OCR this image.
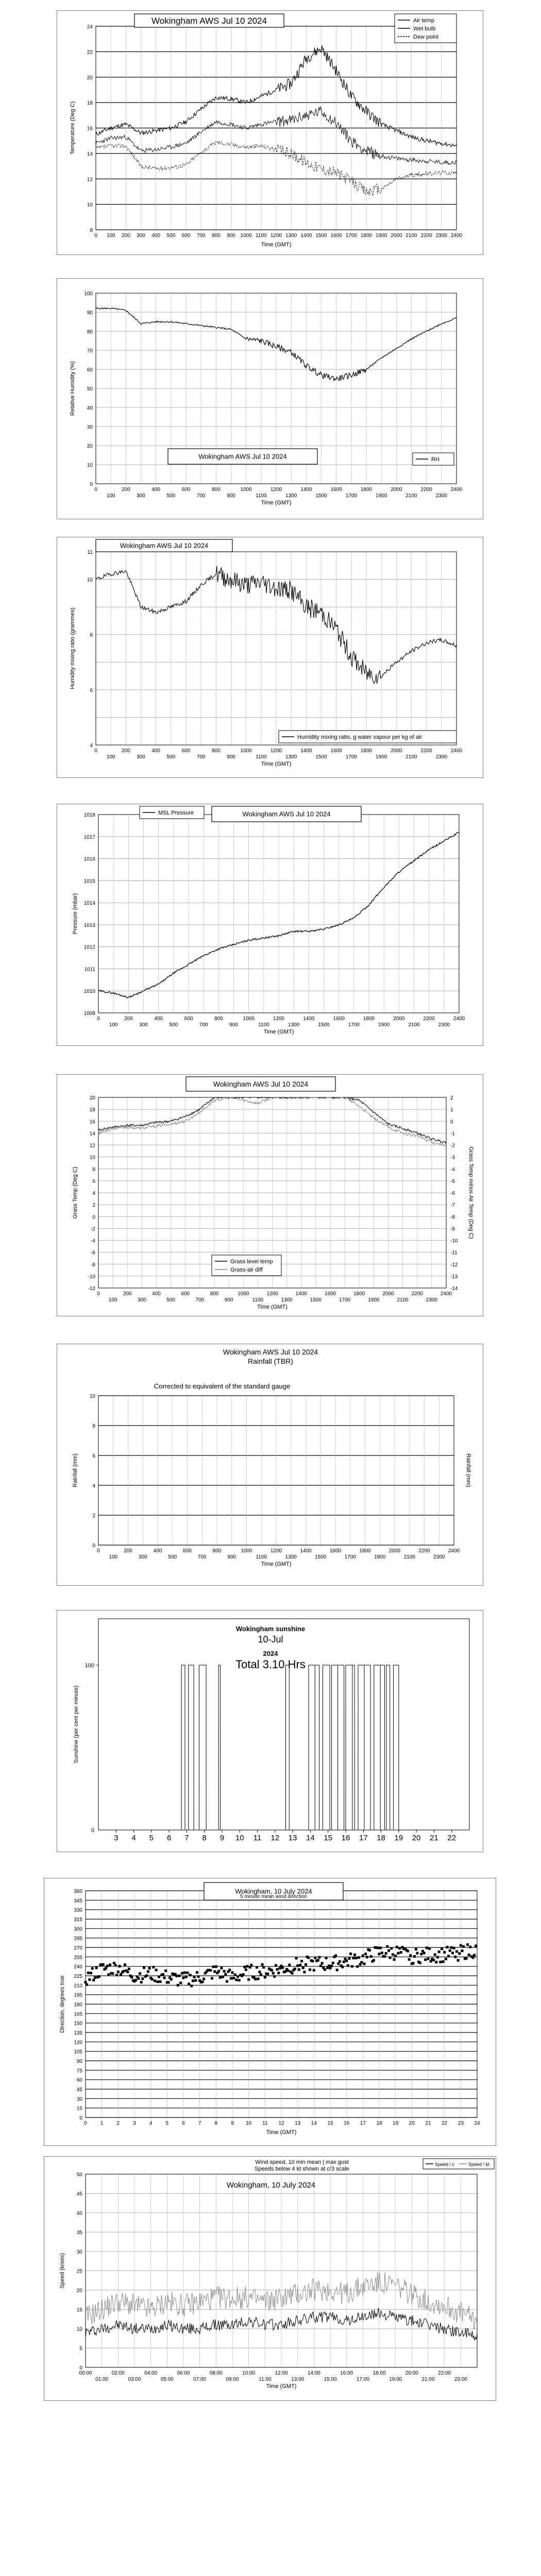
8
10
12
14
16
18
20
22
24
0 100 200 300 400 500 600 700 800 900 1000 1100 1200 1300 1400 1500 1600 1700 1800 1900 2000 2100 2200 2300 2400
Time (GMT)
Temperature (Deg C)
Wokingham AWS Jul 10 2024	Air temp
Wet bulb
Dew point
0
10
20
30
40
50
60
70
80
90
100
0
100
200
300
400
500
600
700
800
900
1000
1100
1200
1300
1400
1500
1600
1700
1800
1900
2000
2100
2200
2300
2400
Time (GMT)
Relative Humidity (%)
Wokingham AWS Jul 10 2024	RH
4
6
8
10
11
0
100
200
300
400
500
600
700
800
900
1000
1100
1200
1300
1400
1500
1600
1700
1800
1900
2000
2100
2200
2300
2400
Time (GMT)
Humidity mixing ratio (grammes)
Wokingham AWS Jul 10 2024
Humidity mixing ratio, g water vapour per kg of air
1009
1010
1011
1012
1013
1014
1015
1016
1017
1018
0
100
200
300
400
500
600
700
800
900
1000
1100
1200
1300
1400
1500
1600
1700
1800
1900
2000
2100
2200
2300
2400
Time (GMT)
Pressure (mbar)
MSL Pressure	Wokingham AWS Jul 10 2024
-12
-10
-8
-6
-4
-2
0
2
4
6
8
10
12
14
16
18
20
0
100
200
300
400
500
600
700
800
900
1000
1100
1200
1300
1400
1500
1600
1700
1800
1900
2000
2100
2200
2300
2400
Time (GMT)
Grass Temp (Deg C)
-14
-13
-12
-11
-10
-9
-8
-7
-6
-5
-4
-3
-2
-1
0
1
2
Grass Temp minus Air Temp (Deg C)
Wokingham AWS Jul 10 2024
Grass level temp
Grass-air diff
0
2
4
6
8
10
0
100
200
300
400
500
600
700
800
900
1000
1100
1200
1300
1400
1500
1600
1700
1800
1900
2000
2100
2200
2300
2400
Time (GMT)
Rainfall (mm)	Rainfall (mm)
Wokingham AWS Jul 10 2024
Rainfall (TBR)
Corrected to equivalent of the standard gauge
100
0
Sunshine (per cent per minute)
3 4 5 6 7 8 9 10 11 12 13 14 15 16 17 18 19 20 21 22
Wokingham sunshine
10-Jul
2024
Total 3.10 Hrs
0
15
30
45
60
75
90
105
120
135
150
165
180
195
210
225
240
255
270
285
300
315
330
345
360
0	1	2	3	4	5	6	7	8	9 10 11 12 13 14 15 16 17 18 19 20 21 22 23 24
Time (GMT)
Direction, degrees true
Wokingham, 10 July 2024
5 minute mean wind direction
0
5
10
15
20
25
30
35
40
45
50
00:00
01:00
02:00
03:00
04:00
05:00
06:00
07:00
08:00
09:00
10:00
11:00
12:00
13:00
14:00
15:00
16:00
17:00
18:00
19:00
20:00
21:00
22:00
23:00
Time (GMT)
Speed (knots)
Wind speed, 10 min mean | max gust
Speeds below 4 kt shown at c/3 scale
Wokingham, 10 July 2024
Speed / c	Speed / kt
